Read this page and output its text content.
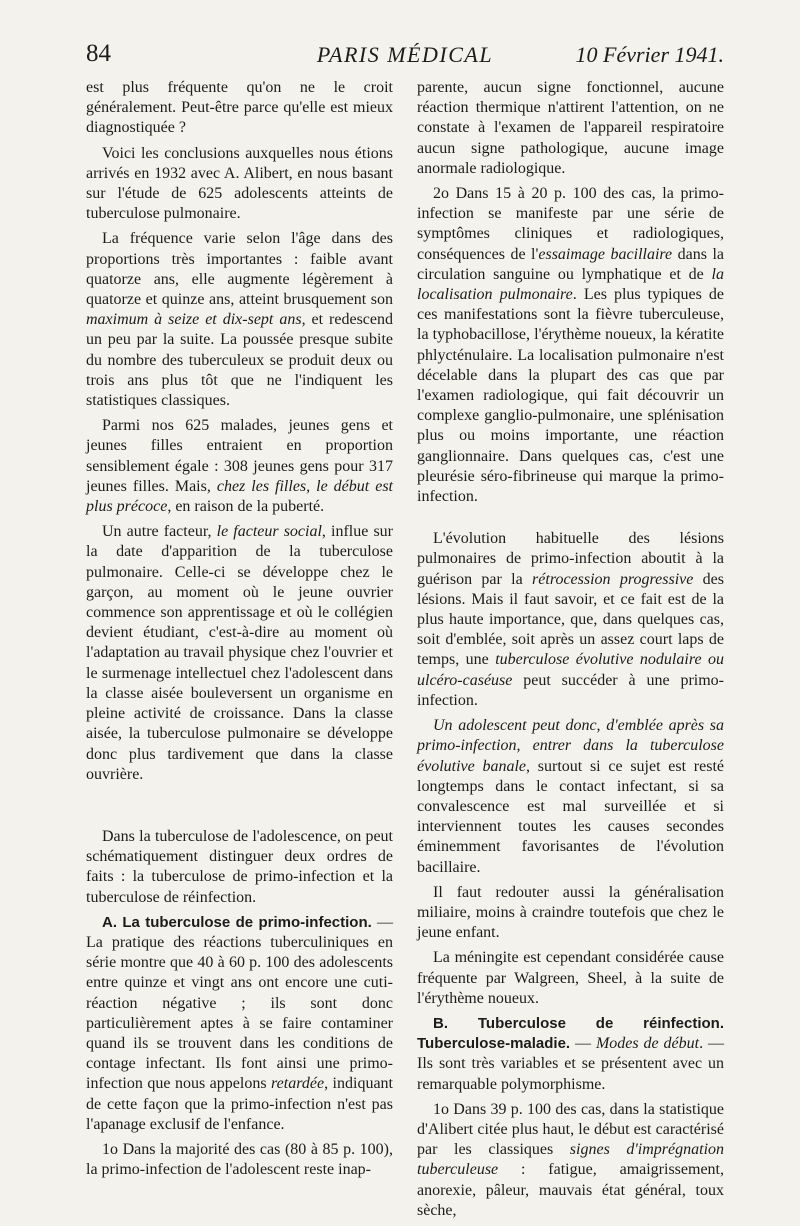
84	PARIS MÉDICAL	10 Février 1941.

est plus fréquente qu'on ne le croit généralement. Peut-être parce qu'elle est mieux diagnostiquée ?

Voici les conclusions auxquelles nous étions arrivés en 1932 avec A. Alibert, en nous basant sur l'étude de 625 adolescents atteints de tuberculose pulmonaire.

La fréquence varie selon l'âge dans des proportions très importantes : faible avant quatorze ans, elle augmente légèrement à quatorze et quinze ans, atteint brusquement son maximum à seize et dix-sept ans, et redescend un peu par la suite. La poussée presque subite du nombre des tuberculeux se produit deux ou trois ans plus tôt que ne l'indiquent les statistiques classiques.

Parmi nos 625 malades, jeunes gens et jeunes filles entraient en proportion sensiblement égale : 308 jeunes gens pour 317 jeunes filles. Mais, chez les filles, le début est plus précoce, en raison de la puberté.

Un autre facteur, le facteur social, influe sur la date d'apparition de la tuberculose pulmonaire. Celle-ci se développe chez le garçon, au moment où le jeune ouvrier commence son apprentissage et où le collégien devient étudiant, c'est-à-dire au moment où l'adaptation au travail physique chez l'ouvrier et le surmenage intellectuel chez l'adolescent dans la classe aisée bouleversent un organisme en pleine activité de croissance. Dans la classe aisée, la tuberculose pulmonaire se développe donc plus tardivement que dans la classe ouvrière.

Dans la tuberculose de l'adolescence, on peut schématiquement distinguer deux ordres de faits : la tuberculose de primo-infection et la tuberculose de réinfection.

A. La tuberculose de primo-infection. — La pratique des réactions tuberculiniques en série montre que 40 à 60 p. 100 des adolescents entre quinze et vingt ans ont encore une cuti-réaction négative ; ils sont donc particulièrement aptes à se faire contaminer quand ils se trouvent dans les conditions de contage infectant. Ils font ainsi une primo-infection que nous appelons retardée, indiquant de cette façon que la primo-infection n'est pas l'apanage exclusif de l'enfance.

1o Dans la majorité des cas (80 à 85 p. 100), la primo-infection de l'adolescent reste inap-

parente, aucun signe fonctionnel, aucune réaction thermique n'attirent l'attention, on ne constate à l'examen de l'appareil respiratoire aucun signe pathologique, aucune image anormale radiologique.

2o Dans 15 à 20 p. 100 des cas, la primo-infection se manifeste par une série de symptômes cliniques et radiologiques, conséquences de l'essaimage bacillaire dans la circulation sanguine ou lymphatique et de la localisation pulmonaire. Les plus typiques de ces manifestations sont la fièvre tuberculeuse, la typhobacillose, l'érythème noueux, la kératite phlycténulaire. La localisation pulmonaire n'est décelable dans la plupart des cas que par l'examen radiologique, qui fait découvrir un complexe ganglio-pulmonaire, une splénisation plus ou moins importante, une réaction ganglionnaire. Dans quelques cas, c'est une pleurésie séro-fibrineuse qui marque la primo-infection.

L'évolution habituelle des lésions pulmonaires de primo-infection aboutit à la guérison par la rétrocession progressive des lésions. Mais il faut savoir, et ce fait est de la plus haute importance, que, dans quelques cas, soit d'emblée, soit après un assez court laps de temps, une tuberculose évolutive nodulaire ou ulcéro-caséuse peut succéder à une primo-infection.

Un adolescent peut donc, d'emblée après sa primo-infection, entrer dans la tuberculose évolutive banale, surtout si ce sujet est resté longtemps dans le contact infectant, si sa convalescence est mal surveillée et si interviennent toutes les causes secondes éminemment favorisantes de l'évolution bacillaire.

Il faut redouter aussi la généralisation miliaire, moins à craindre toutefois que chez le jeune enfant.

La méningite est cependant considérée cause fréquente par Walgreen, Sheel, à la suite de l'érythème noueux.

B. Tuberculose de réinfection. Tuberculose-maladie. — Modes de début. — Ils sont très variables et se présentent avec un remarquable polymorphisme.

1o Dans 39 p. 100 des cas, dans la statistique d'Alibert citée plus haut, le début est caractérisé par les classiques signes d'imprégnation tuberculeuse : fatigue, amaigrissement, anorexie, pâleur, mauvais état général, toux sèche,
